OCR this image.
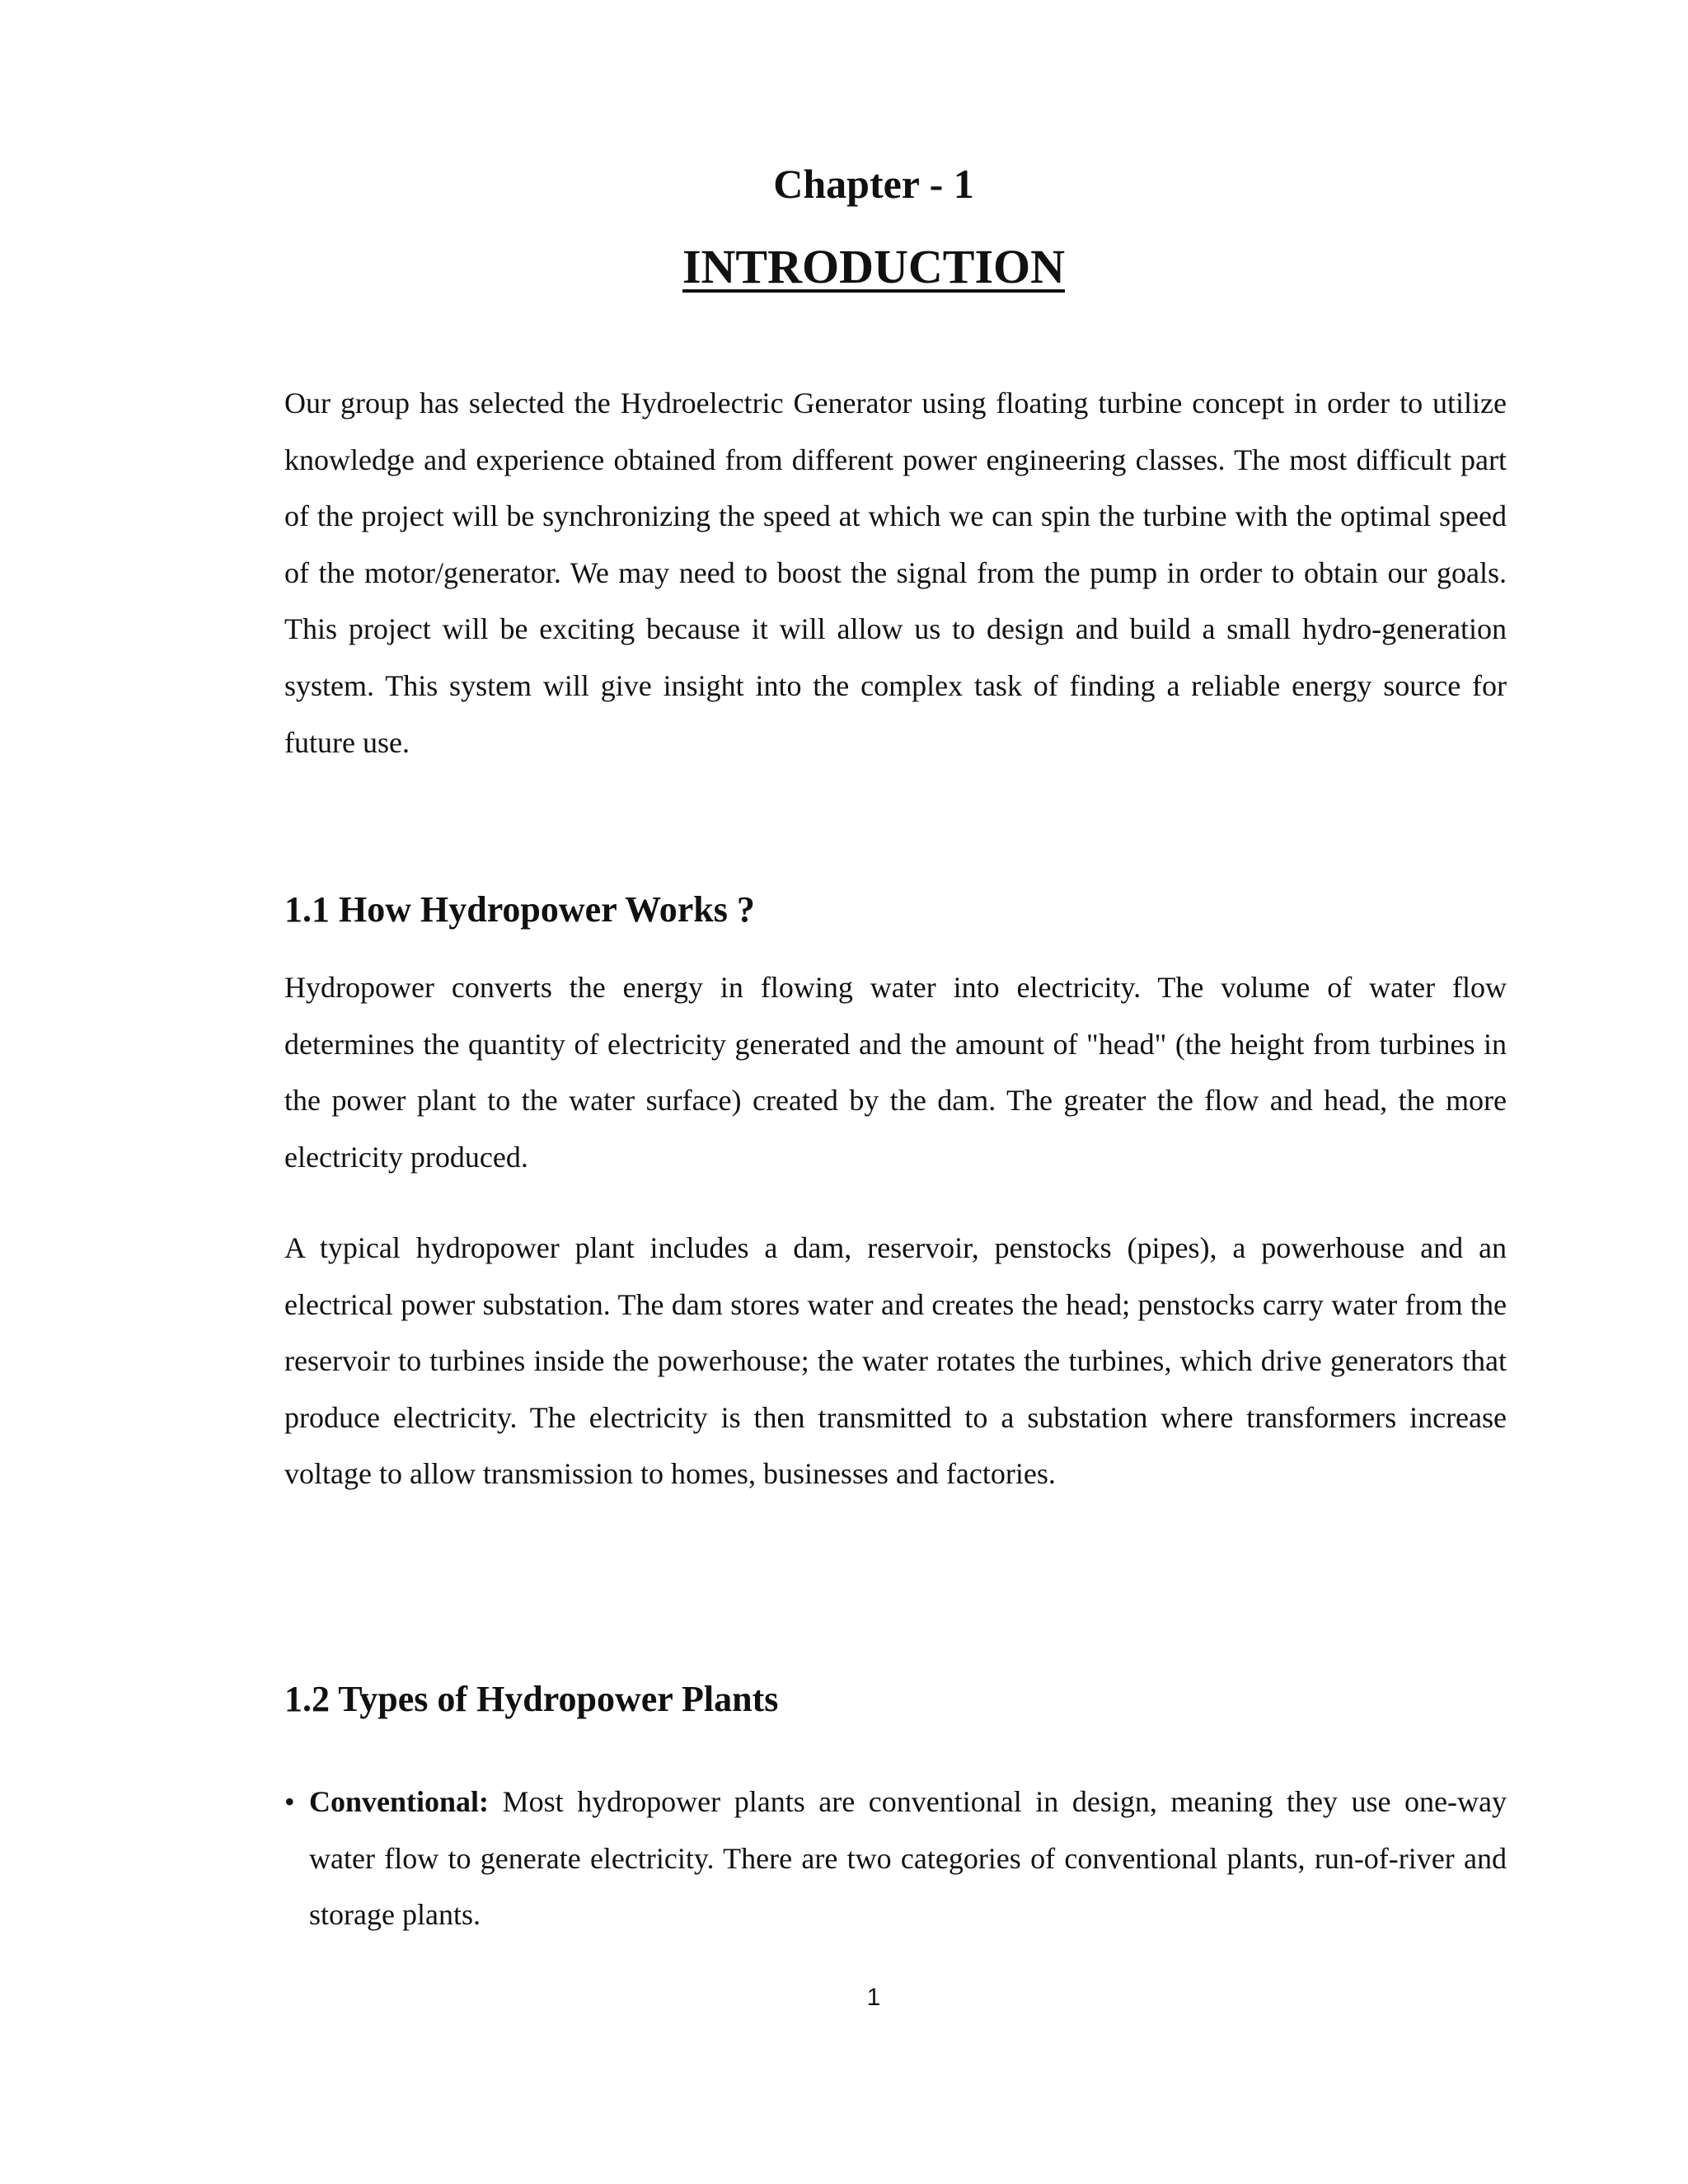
Chapter - 1
INTRODUCTION

Our group has selected the Hydroelectric Generator using floating turbine concept in order to utilize knowledge and experience obtained from different power engineering classes. The most difficult part of the project will be synchronizing the speed at which we can spin the turbine with the optimal speed of the motor/generator. We may need to boost the signal from the pump in order to obtain our goals. This project will be exciting because it will allow us to design and build a small hydro-generation system. This system will give insight into the complex task of finding a reliable energy source for future use.

1.1 How Hydropower Works ?

Hydropower converts the energy in flowing water into electricity. The volume of water flow determines the quantity of electricity generated and the amount of "head" (the height from turbines in the power plant to the water surface) created by the dam. The greater the flow and head, the more electricity produced.

A typical hydropower plant includes a dam, reservoir, penstocks (pipes), a powerhouse and an electrical power substation. The dam stores water and creates the head; penstocks carry water from the reservoir to turbines inside the powerhouse; the water rotates the turbines, which drive generators that produce electricity. The electricity is then transmitted to a substation where transformers increase voltage to allow transmission to homes, businesses and factories.

1.2 Types of Hydropower Plants
• Conventional: Most hydropower plants are conventional in design, meaning they use one-way water flow to generate electricity. There are two categories of conventional plants, run-of-river and storage plants.
1
